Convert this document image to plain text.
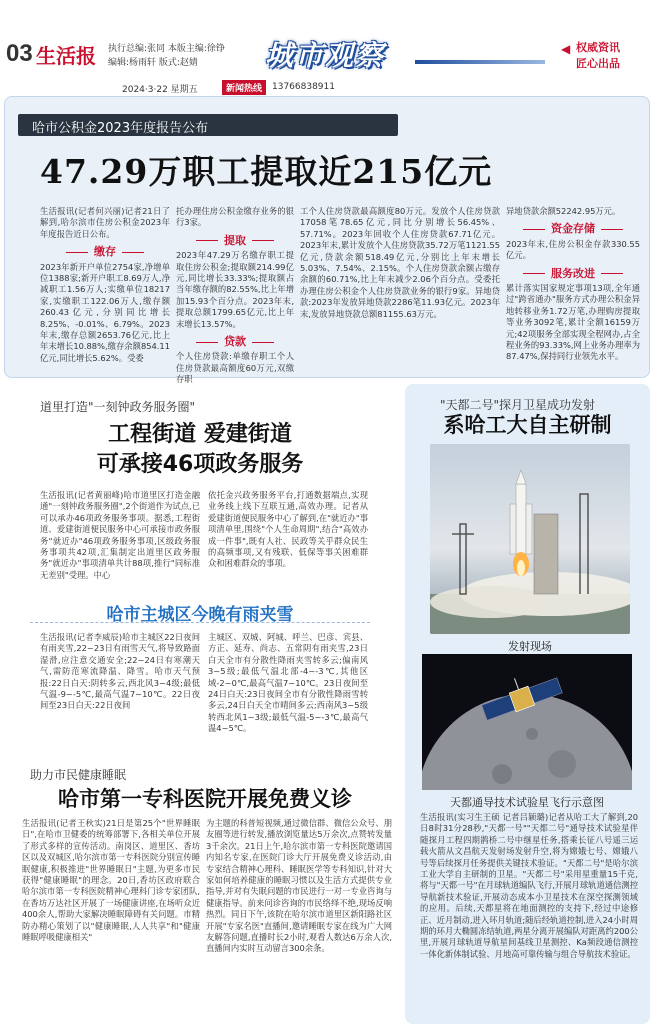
03 生活报 执行总编:张同 本版主编:徐铮
编辑:杨雨轩 版式:赵婧	城市观察	◀ 权威资讯
匠心出品
2024·3·22 星期五	新闻热线	13766838911
哈市公积金2023年度报告公布
47.29万职工提取近215亿元
生活报讯(记者何兴丽)记者21日了解到,哈尔滨市住房公积金2023年年度报告近日公布。
缴存
2023年新开户单位2754家,净增单位1388家;新开户职工8.69万人,净减职工1.56万人;实缴单位18217家,实缴职工122.06万人,缴存额260.43亿元,分别同比增长8.25%、-0.01%、6.79%。2023年末,缴存总额2653.76亿元,比上年末增长10.88%,缴存余额854.11亿元,同比增长5.62%。受委
托办理住房公积金缴存业务的银行3家。
提取
2023年47.29万名缴存职工提取住房公积金;提取额214.99亿元,同比增长33.33%;提取额占当年缴存额的82.55%,比上年增加15.93个百分点。2023年末,提取总额1799.65亿元,比上年末增长13.57%。
贷款
个人住房贷款:单缴存职工个人住房贷款最高额度60万元,双缴存职
工个人住房贷款最高额度80万元。发放个人住房贷款17058笔78.65亿元,同比分别增长56.45%、57.71%。2023年回收个人住房贷款67.71亿元。2023年末,累计发放个人住房贷款35.72万笔1121.55亿元,贷款余额518.49亿元,分别比上年末增长5.03%、7.54%、2.15%。个人住房贷款余额占缴存余额的60.71%,比上年末减少2.06个百分点。受委托办理住房公积金个人住房贷款业务的银行9家。异地贷款:2023年发放异地贷款2286笔11.93亿元。2023年末,发放异地贷款总额81155.63万元。
异地贷款余额52242.95万元。
资金存储
2023年末,住房公积金存款330.55亿元。
服务改进
累计落实国家规定事项13项,全年通过"跨省通办"服务方式办理公积金异地转移业务1.72万笔,办理购房提取等业务3092笔,累计全额16159万元;42项服务全部实现全程网办,占全程业务的93.33%,网上业务办理率为87.47%,保持同行业领先水平。
道里打造"一刻钟政务服务圈"
工程街道 爱建街道
可承接46项政务服务
生活报讯(记者黄丽峰)哈市道里区打造金融通"一刻钟政务服务圈",2个街道作为试点,已可以承办46项政务服务事项。据悉,工程街道、爱建街道便民服务中心可承接市政务服务"就近办"46项政务服务事项,区级政务服务事项共42项,汇集制定出道里区政务服务"就近办"事项清单共计88项,推行"同标准无差别"受理。中心
依托金兴政务服务平台,打通数据端点,实现业务线上线下互联互通,高效办理。记者从爱建街道便民服务中心了解到,在"就近办"事项清单里,围绕"个人生命周期",结合"高效办成一件事",既有人社、民政等关乎群众民生的高频事项,又有残联、低保等事关困难群众和困难群众的事项。
哈市主城区今晚有雨夹雪
生活报讯(记者李威辰)哈市主城区22日夜间有雨夹雪,22~23日有雨雪天气,将导致路面湿滑,应注意交通安全;22~24日有寒潮天气,需防范寒流降温、降雪。哈市天气预报:22日白天:阴转多云,西北风3~4级;最低气温-9~-5℃,最高气温7~10℃。22日夜间至23日白天:22日夜间
主城区、双城、阿城、呼兰、巴彦、宾县、方正、延寿、尚志、五常阴有雨夹雪,23日白天全市有分散性降雨夹雪转多云;偏南风3~5级;最低气温北部-4~-3℃,其他区域-2~0℃,最高气温7~10℃。23日夜间至24日白天:23日夜间全市有分散性降雨雪转多云,24日白天全市晴间多云;西南风3~5级转西北风1~3级;最低气温-5~-3℃,最高气温4~5℃。
助力市民健康睡眠
哈市第一专科医院开展免费义诊
生活报讯(记者王秋实)21日是第25个"世界睡眠日",在哈市卫健委的统筹部署下,各相关单位开展了形式多样的宣传活动。南岗区、道里区、香坊区以及双城区,哈尔滨市第一专科医院分别宣传睡眠健康,积极推进"世界睡眠日"主题,为更多市民获得"健康睡眠"的理念。20日,香坊区政府联合哈尔滨市第一专科医院精神心理科门诊专家团队,在香坊万达社区开展了一场健康讲座,在场听众近400余人,帮助大家解决睡眠障碍有关问题。市精防办精心策划了以"健康睡眠,人人共享"和"健康睡眠呼吸健康相关"
为主题的科普短视频,通过微信群、微信公众号、朋友圈等进行转发,播放浏览量达5万余次,点赞转发量3千余次。21日上午,哈尔滨市第一专科医院邀请国内知名专家,在医院门诊大厅开展免费义诊活动,由专家结合精神心理科、睡眠医学等专科知识,针对大家如何培养健康的睡眠习惯以及生活方式提供专业指导,并对有失眠问题的市民进行一对一专业咨询与健康指导。前来问诊咨询的市民络绎不绝,现场反响热烈。同日下午,该院在哈尔滨市道里区新阳路社区开展"专家名医"直播间,邀请睡眠专家在线为广大网友解答问题,直播时长2小时,观看人数达6万余人次,直播间内实时互动留言300余条。
"天都二号"探月卫星成功发射
系哈工大自主研制
发射现场
天都通导技术试验星飞行示意图
生活报讯(实习生王硕 记者吕颖璐)记者从哈工大了解到,20日8时31分28秒,"天都一号""天都二号"通导技术试验星伴随探月工程四期鹊桥二号中继星任务,搭乘长征八号遥三运载火箭从文昌航天发射场发射升空,将为嫦娥七号、嫦娥八号等后续探月任务提供关键技术验证。"天都二号"是哈尔滨工业大学自主研制的卫星。"天都二号"采用星重量15千克,将与"天都一号"在月球轨道编队飞行,开展月球轨道通信测控导航新技术验证,开展动态成本小卫星技术在深空探测领域的应用。后续,天都星将在地面测控的支持下,经过中途修正、近月制动,进入环月轨道;随后经轨道控制,进入24小时周期的环月大椭圆冻结轨道,两星分离开展编队对距离约200公里,开展月球轨道导航星间基线卫星测控、Ka频段通信测控一体化新体制试验、月地高可靠传输与组合导航技术验证。
